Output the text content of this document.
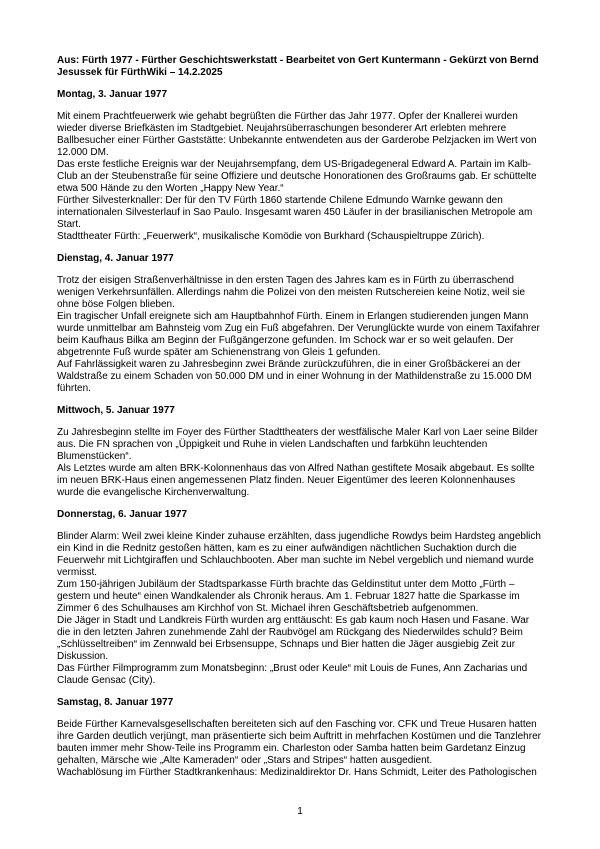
Aus: Fürth 1977 - Fürther Geschichtswerkstatt - Bearbeitet von Gert Kuntermann - Gekürzt von Bernd Jesussek für FürthWiki – 14.2.2025

Montag, 3. Januar 1977

Mit einem Prachtfeuerwerk wie gehabt begrüßten die Fürther das Jahr 1977. Opfer der Knallerei wurden wieder diverse Briefkästen im Stadtgebiet. Neujahrsüberraschungen besonderer Art erlebten mehrere Ballbesucher einer Fürther Gaststätte: Unbekannte entwendeten aus der Garderobe Pelzjacken im Wert von 12.000 DM.

Das erste festliche Ereignis war der Neujahrsempfang, dem US-Brigadegeneral Edward A. Partain im Kalb-Club an der Steubenstraße für seine Offiziere und deutsche Honorationen des Großraums gab. Er schüttelte etwa 500 Hände zu den Worten „Happy New Year.“

Fürther Silvesterknaller: Der für den TV Fürth 1860 startende Chilene Edmundo Warnke gewann den internationalen Silvesterlauf in Sao Paulo. Insgesamt waren 450 Läufer in der brasilianischen Metropole am Start.

Stadttheater Fürth: „Feuerwerk“, musikalische Komödie von Burkhard (Schauspieltruppe Zürich).

Dienstag, 4. Januar 1977

Trotz der eisigen Straßenverhältnisse in den ersten Tagen des Jahres kam es in Fürth zu überraschend wenigen Verkehrsunfällen. Allerdings nahm die Polizei von den meisten Rutschereien keine Notiz, weil sie ohne böse Folgen blieben.

Ein tragischer Unfall ereignete sich am Hauptbahnhof Fürth. Einem in Erlangen studierenden jungen Mann wurde unmittelbar am Bahnsteig vom Zug ein Fuß abgefahren. Der Verunglückte wurde von einem Taxifahrer beim Kaufhaus Bilka am Beginn der Fußgängerzone gefunden. Im Schock war er so weit gelaufen. Der abgetrennte Fuß wurde später am Schienenstrang von Gleis 1 gefunden.

Auf Fahrlässigkeit waren zu Jahresbeginn zwei Brände zurückzuführen, die in einer Großbäckerei an der Waldstraße zu einem Schaden von 50.000 DM und in einer Wohnung in der Mathildenstraße zu 15.000 DM führten.

Mittwoch, 5. Januar 1977

Zu Jahresbeginn stellte im Foyer des Fürther Stadttheaters der westfälische Maler Karl von Laer seine Bilder aus. Die FN sprachen von „Üppigkeit und Ruhe in vielen Landschaften und farbkühn leuchtenden Blumenstücken“.

Als Letztes wurde am alten BRK-Kolonnenhaus das von Alfred Nathan gestiftete Mosaik abgebaut. Es sollte im neuen BRK-Haus einen angemessenen Platz finden. Neuer Eigentümer des leeren Kolonnenhauses wurde die evangelische Kirchenverwaltung.

Donnerstag, 6. Januar 1977

Blinder Alarm: Weil zwei kleine Kinder zuhause erzählten, dass jugendliche Rowdys beim Hardsteg angeblich ein Kind in die Rednitz gestoßen hätten, kam es zu einer aufwändigen nächtlichen Suchaktion durch die Feuerwehr mit Lichtgiraffen und Schlauchbooten. Aber man suchte im Nebel vergeblich und niemand wurde vermisst.

Zum 150-jährigen Jubiläum der Stadtsparkasse Fürth brachte das Geldinstitut unter dem Motto „Fürth – gestern und heute“ einen Wandkalender als Chronik heraus. Am 1. Februar 1827 hatte die Sparkasse im Zimmer 6 des Schulhauses am Kirchhof von St. Michael ihren Geschäftsbetrieb aufgenommen.

Die Jäger in Stadt und Landkreis Fürth wurden arg enttäuscht: Es gab kaum noch Hasen und Fasane. War die in den letzten Jahren zunehmende Zahl der Raubvögel am Rückgang des Niederwildes schuld? Beim „Schlüsseltreiben“ im Zennwald bei Erbsensuppe, Schnaps und Bier hatten die Jäger ausgiebig Zeit zur Diskussion.

Das Fürther Filmprogramm zum Monatsbeginn: „Brust oder Keule“ mit Louis de Funes, Ann Zacharias und Claude Gensac (City).

Samstag, 8. Januar 1977

Beide Fürther Karnevalsgesellschaften bereiteten sich auf den Fasching vor. CFK und Treue Husaren hatten ihre Garden deutlich verjüngt, man präsentierte sich beim Auftritt in mehrfachen Kostümen und die Tanzlehrer bauten immer mehr Show-Teile ins Programm ein. Charleston oder Samba hatten beim Gardetanz Einzug gehalten, Märsche wie „Alte Kameraden“ oder „Stars and Stripes“ hatten ausgedient.

Wachablösung im Fürther Stadtkrankenhaus: Medizinaldirektor Dr. Hans Schmidt, Leiter des Pathologischen

1
